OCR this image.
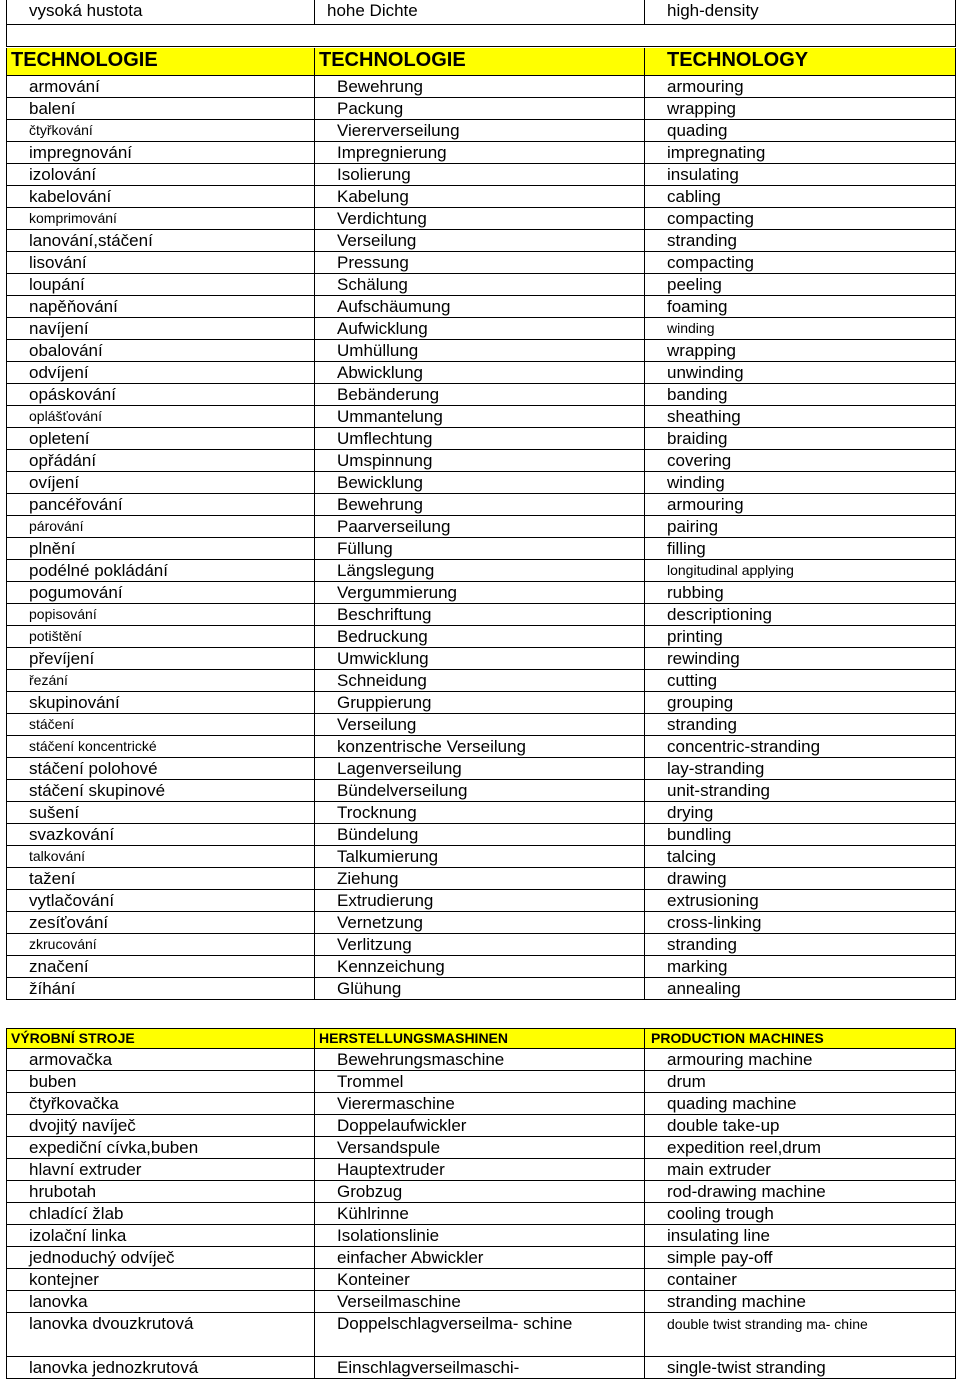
vysoká hustota	hohe Dichte	high-density
TECHNOLOGIE	TECHNOLOGIE	TECHNOLOGY
armování	Bewehrung	armouring
balení	Packung	wrapping
čtyřkování	Viererverseilung	quading
impregnování	Impregnierung	impregnating
izolování	Isolierung	insulating
kabelování	Kabelung	cabling
komprimování	Verdichtung	compacting
lanování,stáčení	Verseilung	stranding
lisování	Pressung	compacting
loupání	Schälung	peeling
napěňování	Aufschäumung	foaming
navíjení	Aufwicklung	winding
obalování	Umhüllung	wrapping
odvíjení	Abwicklung	unwinding
opáskování	Bebänderung	banding
oplášťování	Ummantelung	sheathing
opletení	Umflechtung	braiding
opřádání	Umspinnung	covering
ovíjení	Bewicklung	winding
pancéřování	Bewehrung	armouring
párování	Paarverseilung	pairing
plnění	Füllung	filling
podélné pokládání	Längslegung	longitudinal applying
pogumování	Vergummierung	rubbing
popisování	Beschriftung	descriptioning
potištění	Bedruckung	printing
převíjení	Umwicklung	rewinding
řezání	Schneidung	cutting
skupinování	Gruppierung	grouping
stáčení	Verseilung	stranding
stáčení koncentrické	konzentrische Verseilung	concentric-stranding
stáčení polohové	Lagenverseilung	lay-stranding
stáčení skupinové	Bündelverseilung	unit-stranding
sušení	Trocknung	drying
svazkování	Bündelung	bundling
talkování	Talkumierung	talcing
tažení	Ziehung	drawing
vytlačování	Extrudierung	extrusioning
zesíťování	Vernetzung	cross-linking
zkrucování	Verlitzung	stranding
značení	Kennzeichung	marking
žíhání	Glühung	annealing
VÝROBNÍ STROJE	HERSTELLUNGSMASHINEN	PRODUCTION MACHINES
armovačka	Bewehrungsmaschine	armouring machine
buben	Trommel	drum
čtyřkovačka	Vierermaschine	quading machine
dvojitý navíječ	Doppelaufwickler	double take-up
expediční cívka,buben	Versandspule	expedition reel,drum
hlavní extruder	Hauptextruder	main extruder
hrubotah	Grobzug	rod-drawing machine
chladící žlab	Kühlrinne	cooling trough
izolační linka	Isolationslinie	insulating line
jednoduchý odvíječ	einfacher Abwickler	simple pay-off
kontejner	Konteiner	container
lanovka	Verseilmaschine	stranding machine
lanovka dvouzkrutová	Doppelschlagverseilma- schine	double twist stranding ma- chine
lanovka jednozkrutová	Einschlagverseilmaschi-	single-twist stranding
